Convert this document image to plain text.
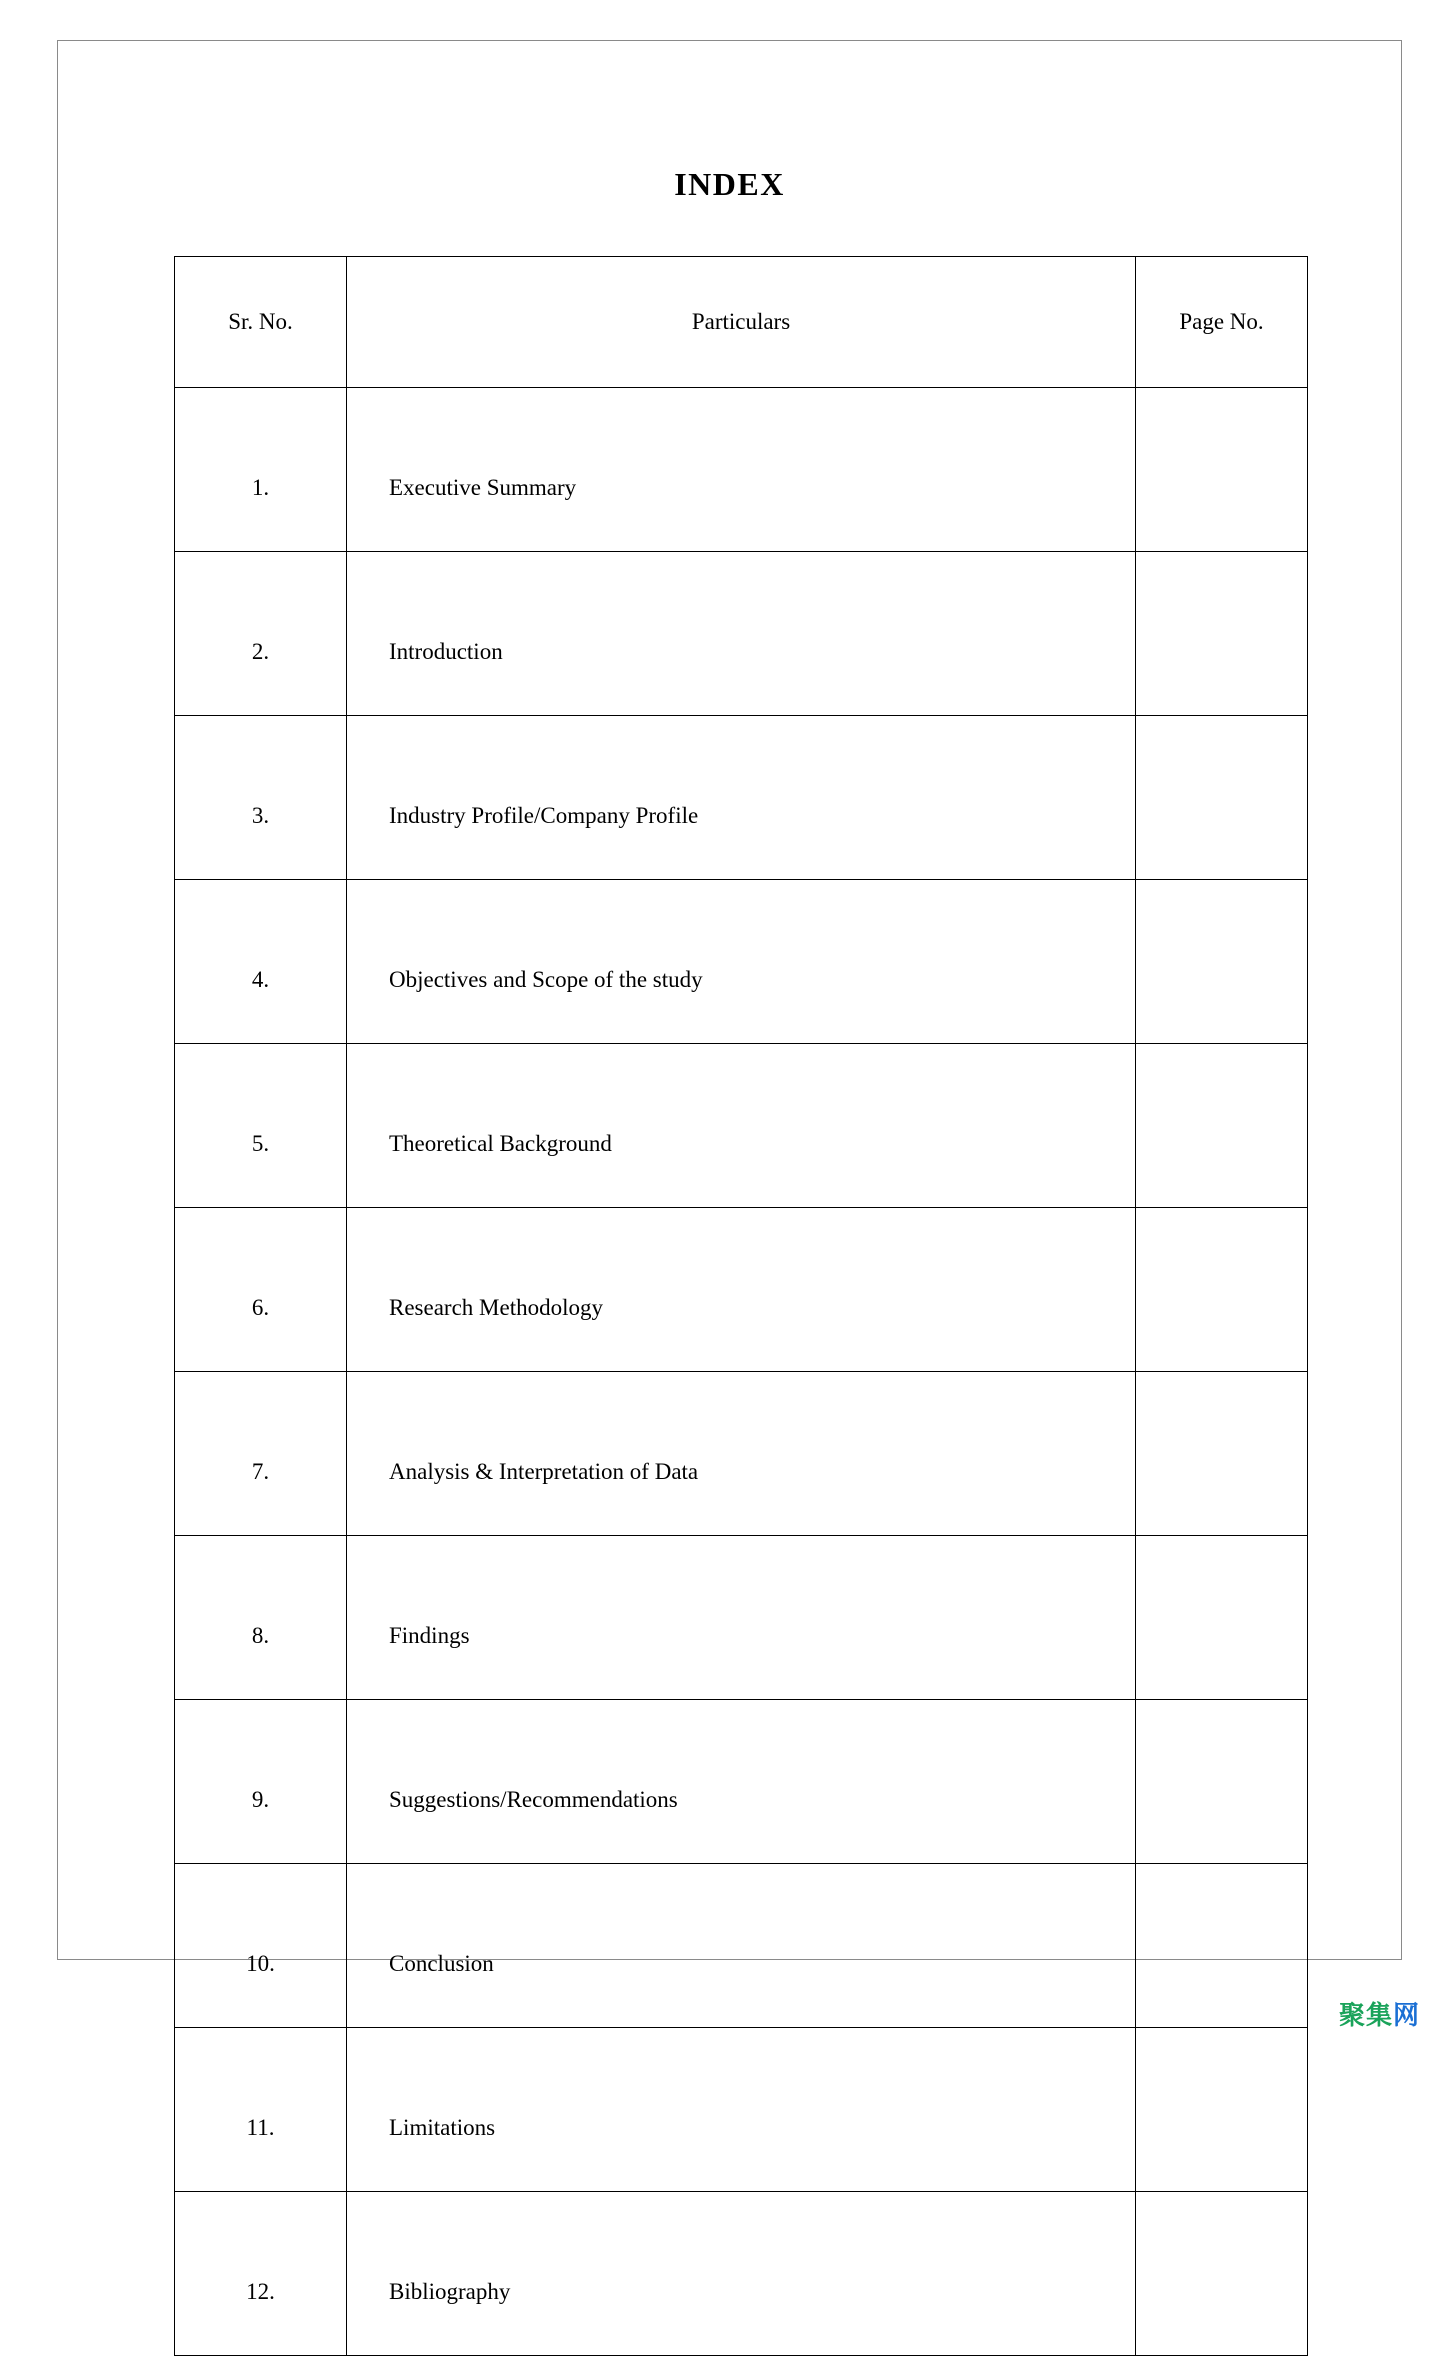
INDEX
Sr. No.	Particulars	Page No.
1.	Executive Summary	
2.	Introduction	
3.	Industry Profile/Company Profile	
4.	Objectives and Scope of the study	
5.	Theoretical Background	
6.	Research Methodology	
7.	Analysis & Interpretation of Data	
8.	Findings	
9.	Suggestions/Recommendations	
10.	Conclusion	
11.	Limitations	
12.	Bibliography	
聚集网
